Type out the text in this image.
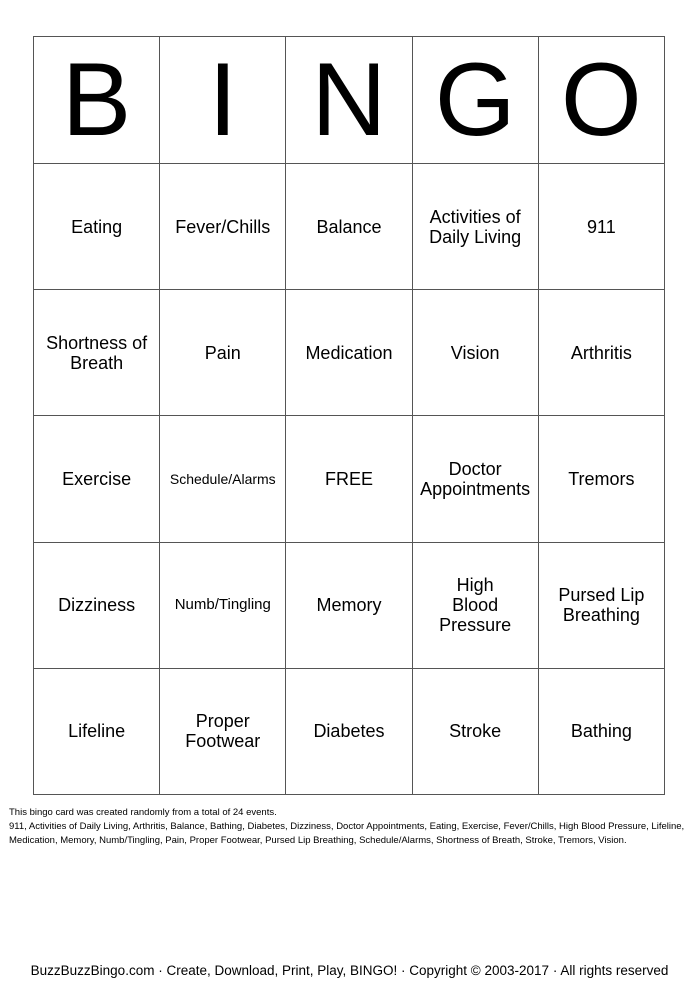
B	I	N	G	O
Eating	Fever/Chills	Balance	Activities of Daily Living	911
Shortness of Breath	Pain	Medication	Vision	Arthritis
Exercise	Schedule/Alarms	FREE	Doctor Appointments	Tremors
Dizziness	Numb/Tingling	Memory	High Blood Pressure	Pursed Lip Breathing
Lifeline	Proper Footwear	Diabetes	Stroke	Bathing
This bingo card was created randomly from a total of 24 events.
911, Activities of Daily Living, Arthritis, Balance, Bathing, Diabetes, Dizziness, Doctor Appointments, Eating, Exercise, Fever/Chills, High Blood Pressure, Lifeline, Medication, Memory, Numb/Tingling, Pain, Proper Footwear, Pursed Lip Breathing, Schedule/Alarms, Shortness of Breath, Stroke, Tremors, Vision.
BuzzBuzzBingo.com · Create, Download, Print, Play, BINGO! · Copyright © 2003-2017 · All rights reserved
